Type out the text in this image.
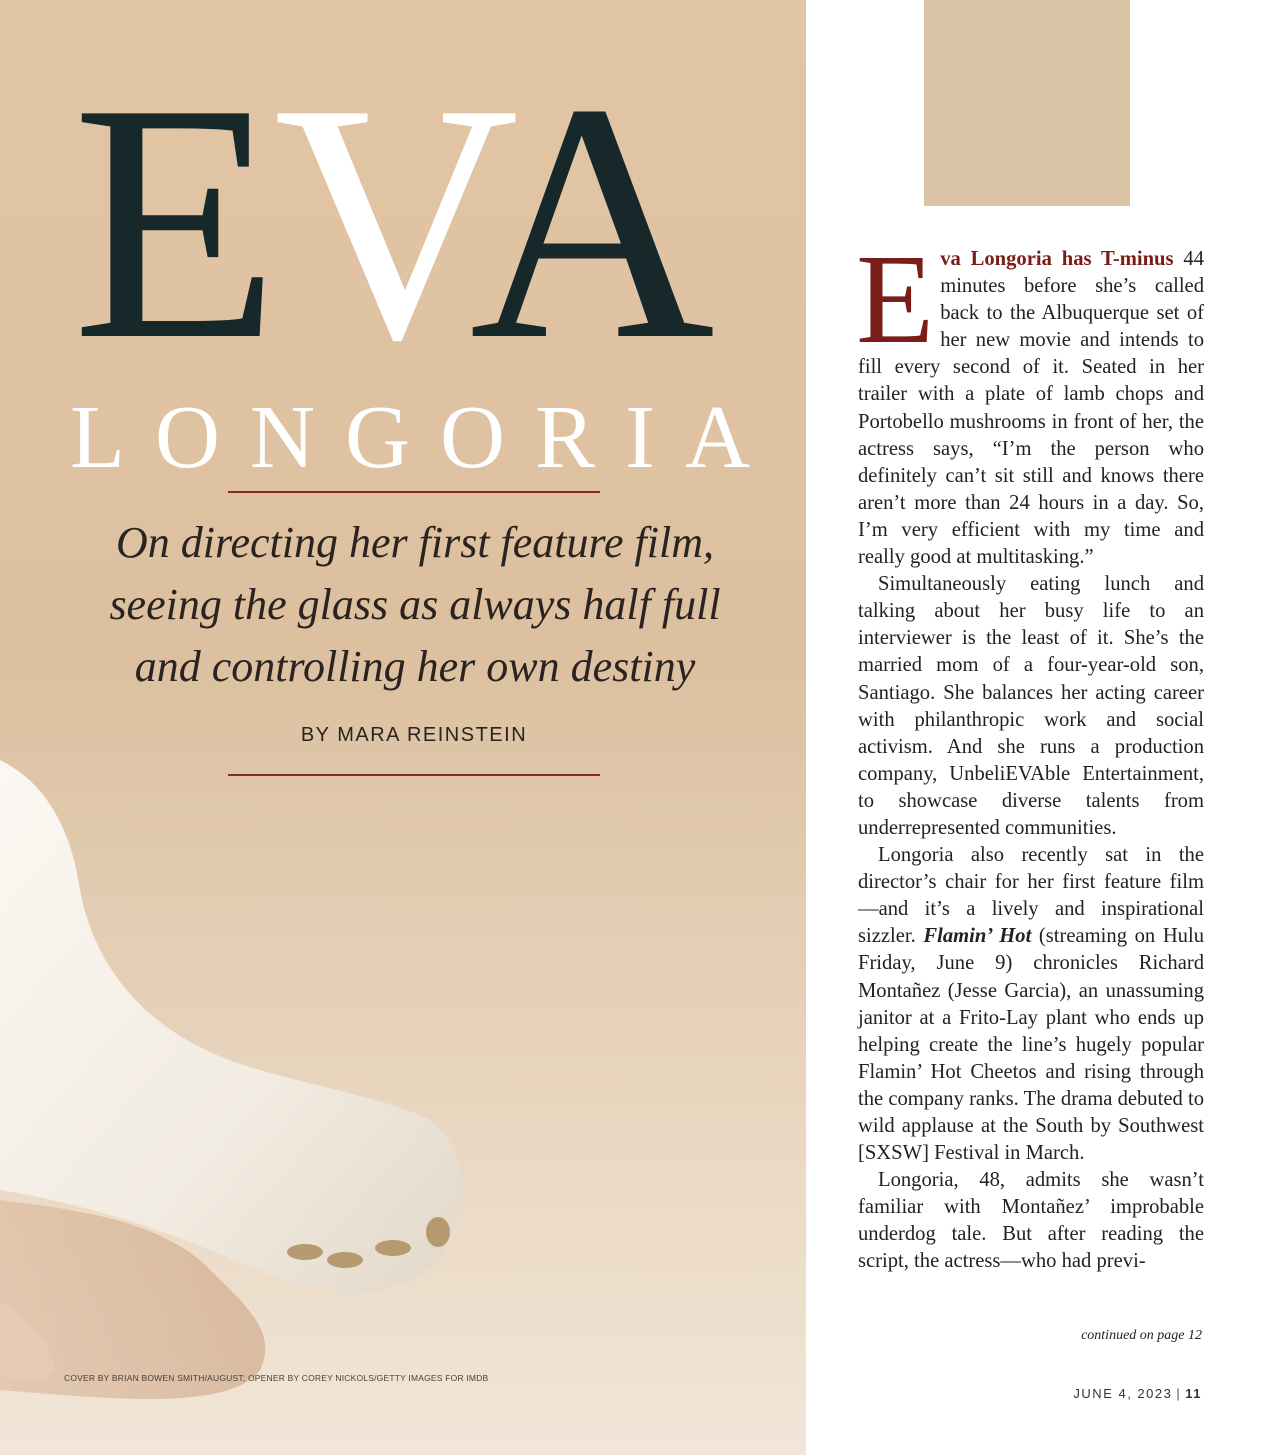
EVA
LONGORIA
On directing her first feature film,
seeing the glass as always half full
and controlling her own destiny
BY MARA REINSTEIN
COVER BY BRIAN BOWEN SMITH/AUGUST; OPENER BY COREY NICKOLS/GETTY IMAGES FOR IMDB

Eva Longoria has T-minus 44 minutes before she’s called back to the Albuquerque set of her new movie and intends to fill every second of it. Seated in her trailer with a plate of lamb chops and Portobello mushrooms in front of her, the actress says, “I’m the person who definitely can’t sit still and knows there aren’t more than 24 hours in a day. So, I’m very efficient with my time and really good at multitasking.”

Simultaneously eating lunch and talking about her busy life to an interviewer is the least of it. She’s the married mom of a four-year-old son, Santiago. She balances her acting career with philanthropic work and social activism. And she runs a production company, UnbeliEVAble Entertainment, to showcase diverse talents from underrepresented communities.

Longoria also recently sat in the director’s chair for her first feature film—and it’s a lively and inspirational sizzler. Flamin’ Hot (streaming on Hulu Friday, June 9) chronicles Richard Montañez (Jesse Garcia), an unassuming janitor at a Frito-Lay plant who ends up helping create the line’s hugely popular Flamin’ Hot Cheetos and rising through the company ranks. The drama debuted to wild applause at the South by Southwest [SXSW] Festival in March.

Longoria, 48, admits she wasn’t familiar with Montañez’ improbable underdog tale. But after reading the script, the actress—who had previ-

continued on page 12
JUNE 4, 2023 | 11
